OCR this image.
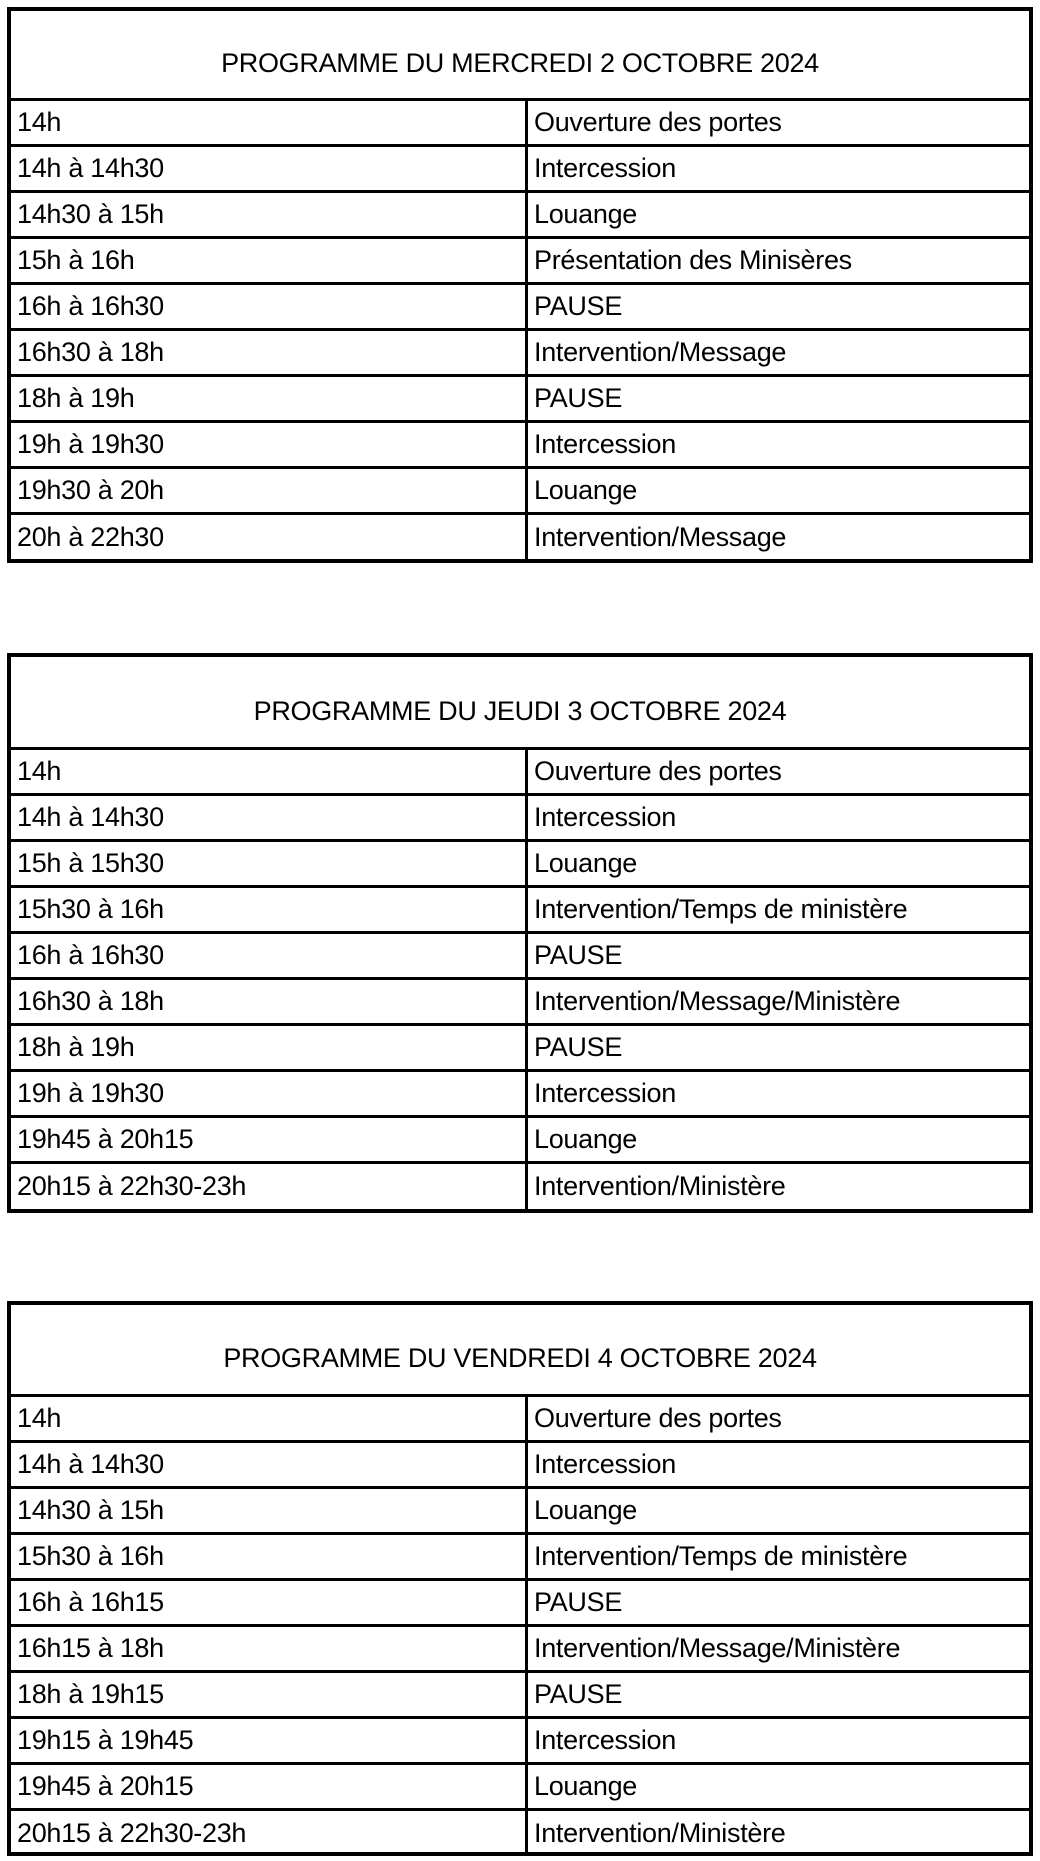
PROGRAMME DU MERCREDI 2 OCTOBRE 2024
14h	Ouverture des portes
14h à 14h30	Intercession
14h30 à 15h	Louange
15h à 16h	Présentation des Minisères
16h à 16h30	PAUSE
16h30 à 18h	Intervention/Message
18h à 19h	PAUSE
19h à 19h30	Intercession
19h30 à 20h	Louange
20h à 22h30	Intervention/Message
PROGRAMME DU JEUDI 3 OCTOBRE 2024
14h	Ouverture des portes
14h à 14h30	Intercession
15h à 15h30	Louange
15h30 à 16h	Intervention/Temps de ministère
16h à 16h30	PAUSE
16h30 à 18h	Intervention/Message/Ministère
18h à 19h	PAUSE
19h à 19h30	Intercession
19h45 à 20h15	Louange
20h15 à 22h30-23h	Intervention/Ministère
PROGRAMME DU VENDREDI 4 OCTOBRE 2024
14h	Ouverture des portes
14h à 14h30	Intercession
14h30 à 15h	Louange
15h30 à 16h	Intervention/Temps de ministère
16h à 16h15	PAUSE
16h15 à 18h	Intervention/Message/Ministère
18h à 19h15	PAUSE
19h15 à 19h45	Intercession
19h45 à 20h15	Louange
20h15 à 22h30-23h	Intervention/Ministère
